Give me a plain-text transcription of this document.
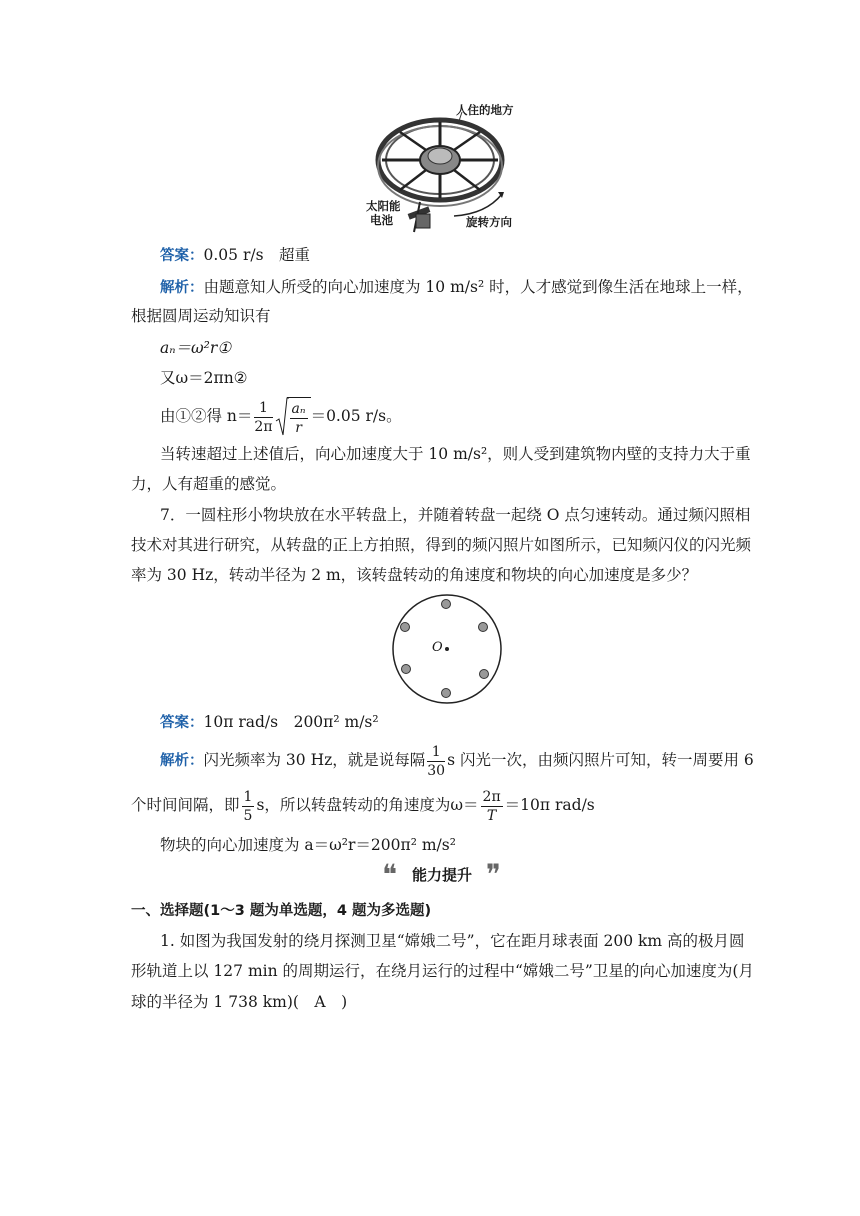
人住的地方
太阳能
电池	旋转方向
答案：0.05 r/s　超重
解析：由题意知人所受的向心加速度为 10 m/s² 时，人才感觉到像生活在地球上一样，
根据圆周运动知识有
aₙ＝ω²r①
又ω＝2πn②
由①②得 $n= \frac{1}{2\pi} \frac{\text{aₙ}}{r} =0.05$ r/s。
当转速超过上述值后，向心加速度大于 10 m/s²，则人受到建筑物内壁的支持力大于重
力，人有超重的感觉。
7．一圆柱形小物块放在水平转盘上，并随着转盘一起绕 O 点匀速转动。通过频闪照相
技术对其进行研究，从转盘的正上方拍照，得到的频闪照片如图所示，已知频闪仪的闪光频
率为 30 Hz，转动半径为 2 m，该转盘转动的角速度和物块的向心加速度是多少？
O
答案：10π rad/s　200π² m/s²
解析：闪光频率为 30 Hz，就是说每隔 $\frac{1}{30}$ s 闪光一次，由频闪照片可知，转一周要用 6
个时间间隔，即 $\frac{1}{5}$ s，所以转盘转动的角速度为$\omega= \frac{2\pi}{T} =10\pi$ rad/s
物块的向心加速度为 a＝ω²r＝200π² m/s²
❝ 能力提升 ❞
一、选择题(1～3 题为单选题，4 题为多选题)
1. 如图为我国发射的绕月探测卫星“嫦娥二号”，它在距月球表面 200 km 高的极月圆
形轨道上以 127 min 的周期运行，在绕月运行的过程中“嫦娥二号”卫星的向心加速度为(月
球的半径为 1 738 km)(　A　)
